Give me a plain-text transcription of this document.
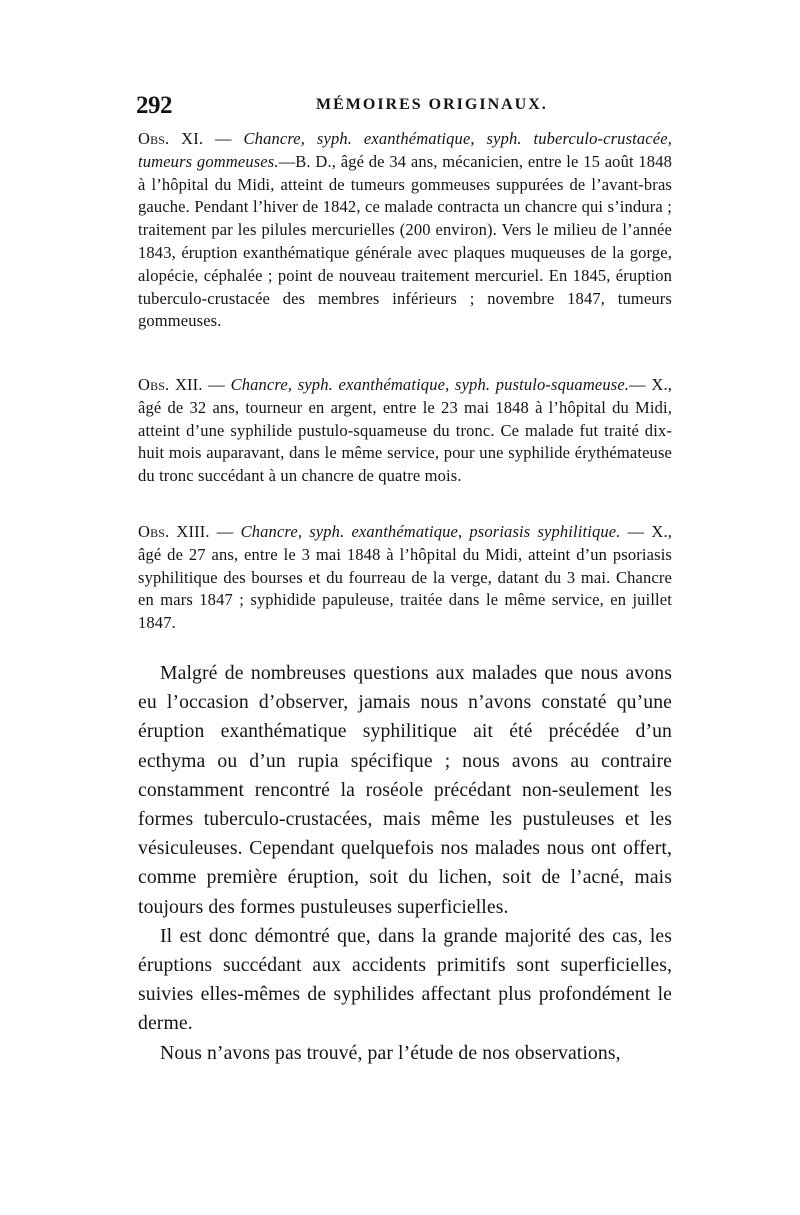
292	MÉMOIRES ORIGINAUX.
Obs. XI. — Chancre, syph. exanthématique, syph. tuberculo-crustacée, tumeurs gommeuses.—B. D., âgé de 34 ans, mécanicien, entre le 15 août 1848 à l’hôpital du Midi, atteint de tumeurs gommeuses suppurées de l’avant-bras gauche. Pendant l’hiver de 1842, ce malade contracta un chancre qui s’indura ; traitement par les pilules mercurielles (200 environ). Vers le milieu de l’année 1843, éruption exanthématique générale avec plaques muqueuses de la gorge, alopécie, céphalée ; point de nouveau traitement mercuriel. En 1845, éruption tuberculo-crustacée des membres inférieurs ; novembre 1847, tumeurs gommeuses.
Obs. XII. — Chancre, syph. exanthématique, syph. pustulo-squameuse.— X., âgé de 32 ans, tourneur en argent, entre le 23 mai 1848 à l’hôpital du Midi, atteint d’une syphilide pustulo-squameuse du tronc. Ce malade fut traité dix-huit mois auparavant, dans le même service, pour une syphilide érythémateuse du tronc succédant à un chancre de quatre mois.
Obs. XIII. — Chancre, syph. exanthématique, psoriasis syphilitique. — X., âgé de 27 ans, entre le 3 mai 1848 à l’hôpital du Midi, atteint d’un psoriasis syphilitique des bourses et du fourreau de la verge, datant du 3 mai. Chancre en mars 1847 ; syphidide papuleuse, traitée dans le même service, en juillet 1847.

Malgré de nombreuses questions aux malades que nous avons eu l’occasion d’observer, jamais nous n’avons constaté qu’une éruption exanthématique syphilitique ait été précédée d’un ecthyma ou d’un rupia spécifique ; nous avons au contraire constamment rencontré la roséole précédant non-seulement les formes tuberculo-crustacées, mais même les pustuleuses et les vésiculeuses. Cependant quelquefois nos malades nous ont offert, comme première éruption, soit du lichen, soit de l’acné, mais toujours des formes pustuleuses superficielles.

Il est donc démontré que, dans la grande majorité des cas, les éruptions succédant aux accidents primitifs sont superficielles, suivies elles-mêmes de syphilides affectant plus profondément le derme.

Nous n’avons pas trouvé, par l’étude de nos observations,
